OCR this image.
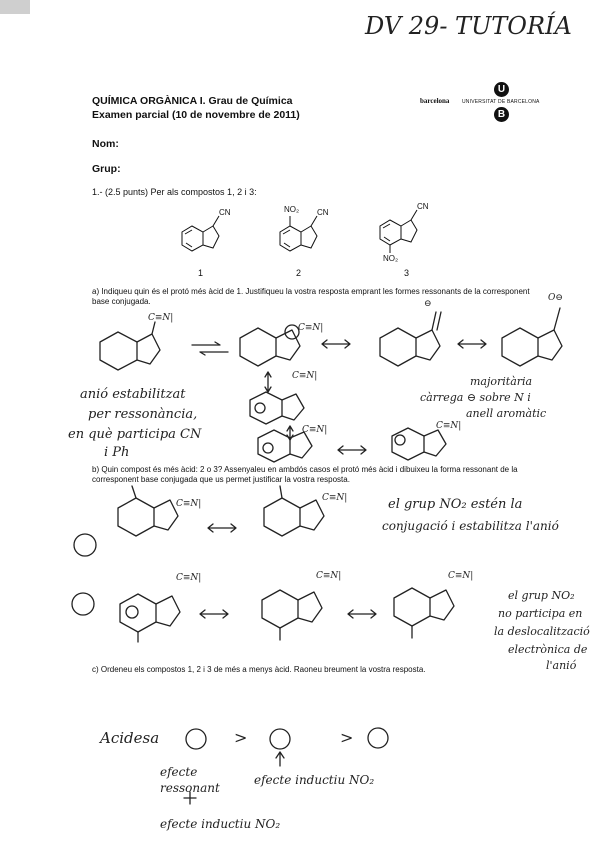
DV 29- TUTORÍA
QUÍMICA ORGÀNICA I. Grau de Química
Examen parcial (10 de novembre de 2011)
barcelona	UNIVERSITAT DE BARCELONA
U
B
Nom:
Grup:
1.- (2.5 punts) Per als compostos 1, 2 i 3:
CN	NO₂ CN
CN
NO₂
1	2	3
a) Indiqueu quin és el protó més àcid de 1. Justifiqueu la vostra resposta emprant les formes ressonants de la corresponent base conjugada.
anió estabilitzat
per ressonància,
en què participa CN
i Ph
majoritària
càrrega ⊖ sobre N i
anell aromàtic
C≡N|
C≡N|
C≡N|
C≡N|	C≡N|
O⊖
⊖
b) Quin compost és més àcid: 2 o 3? Assenyaleu en ambdós casos el protó més àcid i dibuixeu la forma ressonant de la corresponent base conjugada que us permet justificar la vostra resposta.
C≡N|
C≡N|	el grup NO₂ estén la
conjugació i estabilitza l'anió
C≡N|	C≡N|	C≡N|
el grup NO₂
no participa en
la deslocalització
electrònica de
l'anió
c) Ordeneu els compostos 1, 2 i 3 de més a menys àcid. Raoneu breument la vostra resposta.
Acidesa	>	>
efecte
ressonant
efecte inductiu NO₂
efecte inductiu NO₂
